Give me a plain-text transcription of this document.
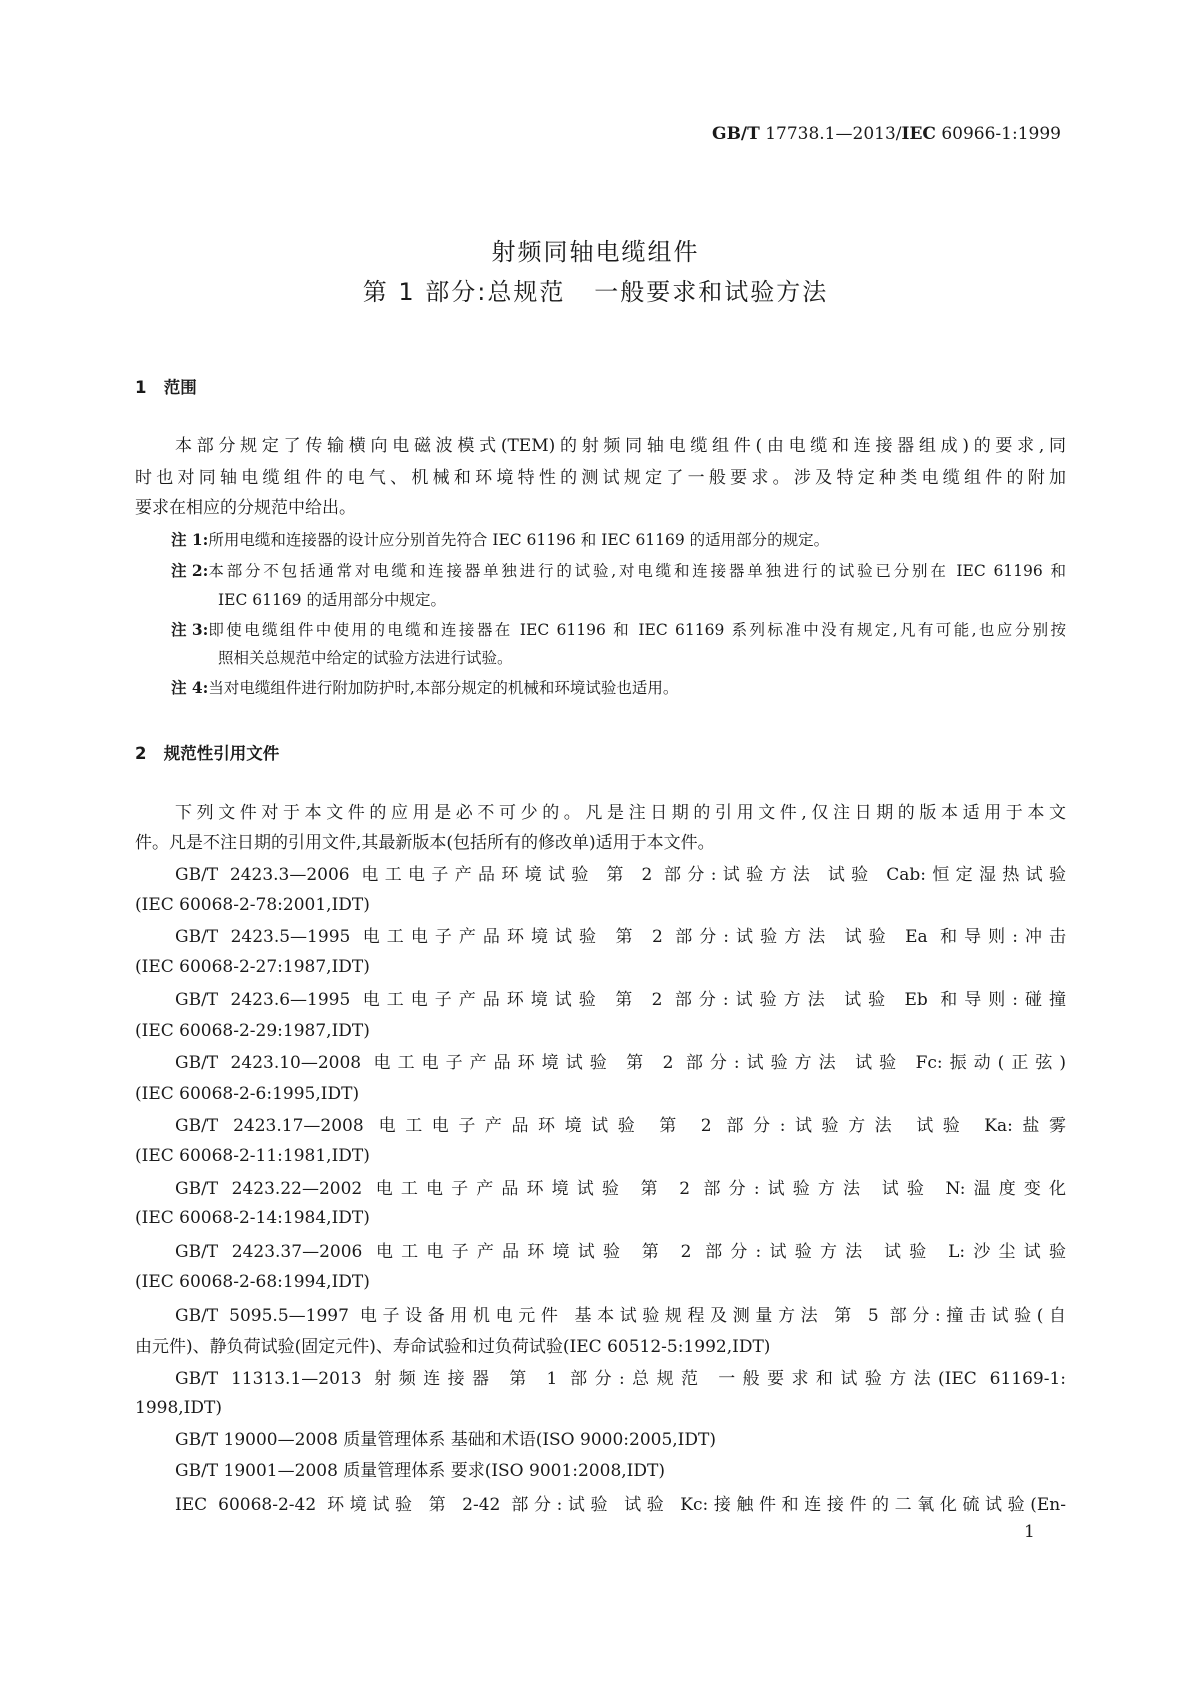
GB/T 17738.1—2013/IEC 60966-1:1999
射频同轴电缆组件
第 1 部分:总规范   一般要求和试验方法
1   范围
本部分规定了传输横向电磁波模式(TEM)的射频同轴电缆组件(由电缆和连接器组成)的要求,同
时也对同轴电缆组件的电气、机械和环境特性的测试规定了一般要求。涉及特定种类电缆组件的附加
要求在相应的分规范中给出。
注 1:所用电缆和连接器的设计应分别首先符合 IEC 61196 和 IEC 61169 的适用部分的规定。
注 2: 本部分不包括通常对电缆和连接器单独进行的试验,对电缆和连接器单独进行的试验已分别在 IEC 61196 和
IEC 61169 的适用部分中规定。
注 3: 即使电缆组件中使用的电缆和连接器在 IEC 61196 和 IEC 61169 系列标准中没有规定,凡有可能,也应分别按
照相关总规范中给定的试验方法进行试验。
注 4:当对电缆组件进行附加防护时,本部分规定的机械和环境试验也适用。
2   规范性引用文件
下列文件对于本文件的应用是必不可少的。凡是注日期的引用文件,仅注日期的版本适用于本文
件。凡是不注日期的引用文件,其最新版本(包括所有的修改单)适用于本文件。
GB/T 2423.3—2006 电工电子产品环境试验 第 2 部分:试验方法 试验 Cab:恒定湿热试验
(IEC 60068-2-78:2001,IDT)
GB/T 2423.5—1995 电工电子产品环境试验 第 2 部分:试验方法 试验 Ea 和导则:冲击
(IEC 60068-2-27:1987,IDT)
GB/T 2423.6—1995 电工电子产品环境试验 第 2 部分:试验方法 试验 Eb 和导则:碰撞
(IEC 60068-2-29:1987,IDT)
GB/T 2423.10—2008 电工电子产品环境试验 第 2 部分:试验方法 试验 Fc:振动(正弦)
(IEC 60068-2-6:1995,IDT)
GB/T 2423.17—2008 电工电子产品环境试验 第 2 部分:试验方法 试验 Ka:盐雾
(IEC 60068-2-11:1981,IDT)
GB/T 2423.22—2002 电工电子产品环境试验 第 2 部分:试验方法 试验 N:温度变化
(IEC 60068-2-14:1984,IDT)
GB/T 2423.37—2006 电工电子产品环境试验 第 2 部分:试验方法 试验 L:沙尘试验
(IEC 60068-2-68:1994,IDT)
GB/T 5095.5—1997 电子设备用机电元件 基本试验规程及测量方法 第 5 部分:撞击试验(自
由元件)、静负荷试验(固定元件)、寿命试验和过负荷试验(IEC 60512-5:1992,IDT)
GB/T 11313.1—2013 射频连接器 第 1 部分:总规范 一般要求和试验方法(IEC 61169-1:
1998,IDT)
GB/T 19000—2008 质量管理体系 基础和术语(ISO 9000:2005,IDT)
GB/T 19001—2008 质量管理体系 要求(ISO 9001:2008,IDT)
IEC 60068-2-42 环境试验 第 2-42 部分:试验 试验 Kc:接触件和连接件的二氧化硫试验(En-
1
